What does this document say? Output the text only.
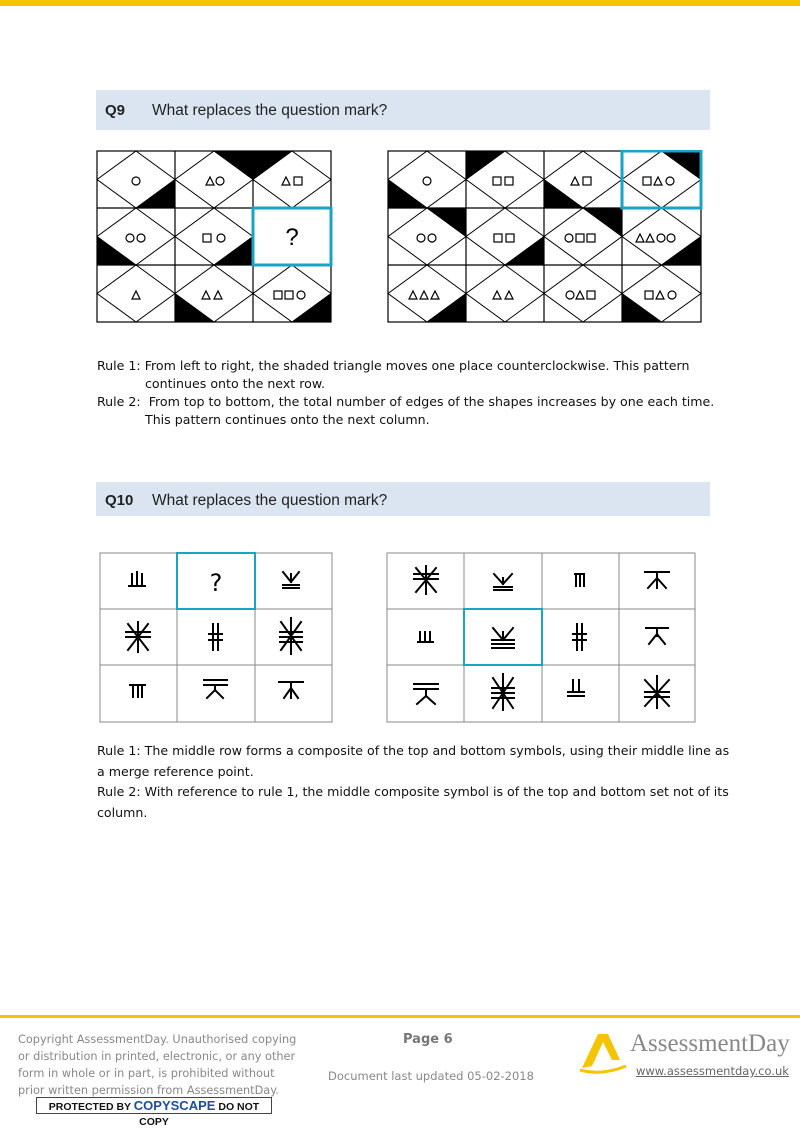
Q9 What replaces the question mark?
?

Rule 1: From left to right, the shaded triangle moves one place counterclockwise. This pattern

continues onto the next row.

Rule 2: From top to bottom, the total number of edges of the shapes increases by one each time.

This pattern continues onto the next column.

Q10 What replaces the question mark?
?

Rule 1: The middle row forms a composite of the top and bottom symbols, using their middle line as

a merge reference point.

Rule 2: With reference to rule 1, the middle composite symbol is of the top and bottom set not of its

column.

Copyright AssessmentDay. Unauthorised copying
or distribution in printed, electronic, or any other
form in whole or in part, is prohibited without
prior written permission from AssessmentDay.
PROTECTED BY COPYSCAPE DO NOT COPY
Page 6
Document last updated 05-02-2018
AssessmentDay
www.assessmentday.co.uk
